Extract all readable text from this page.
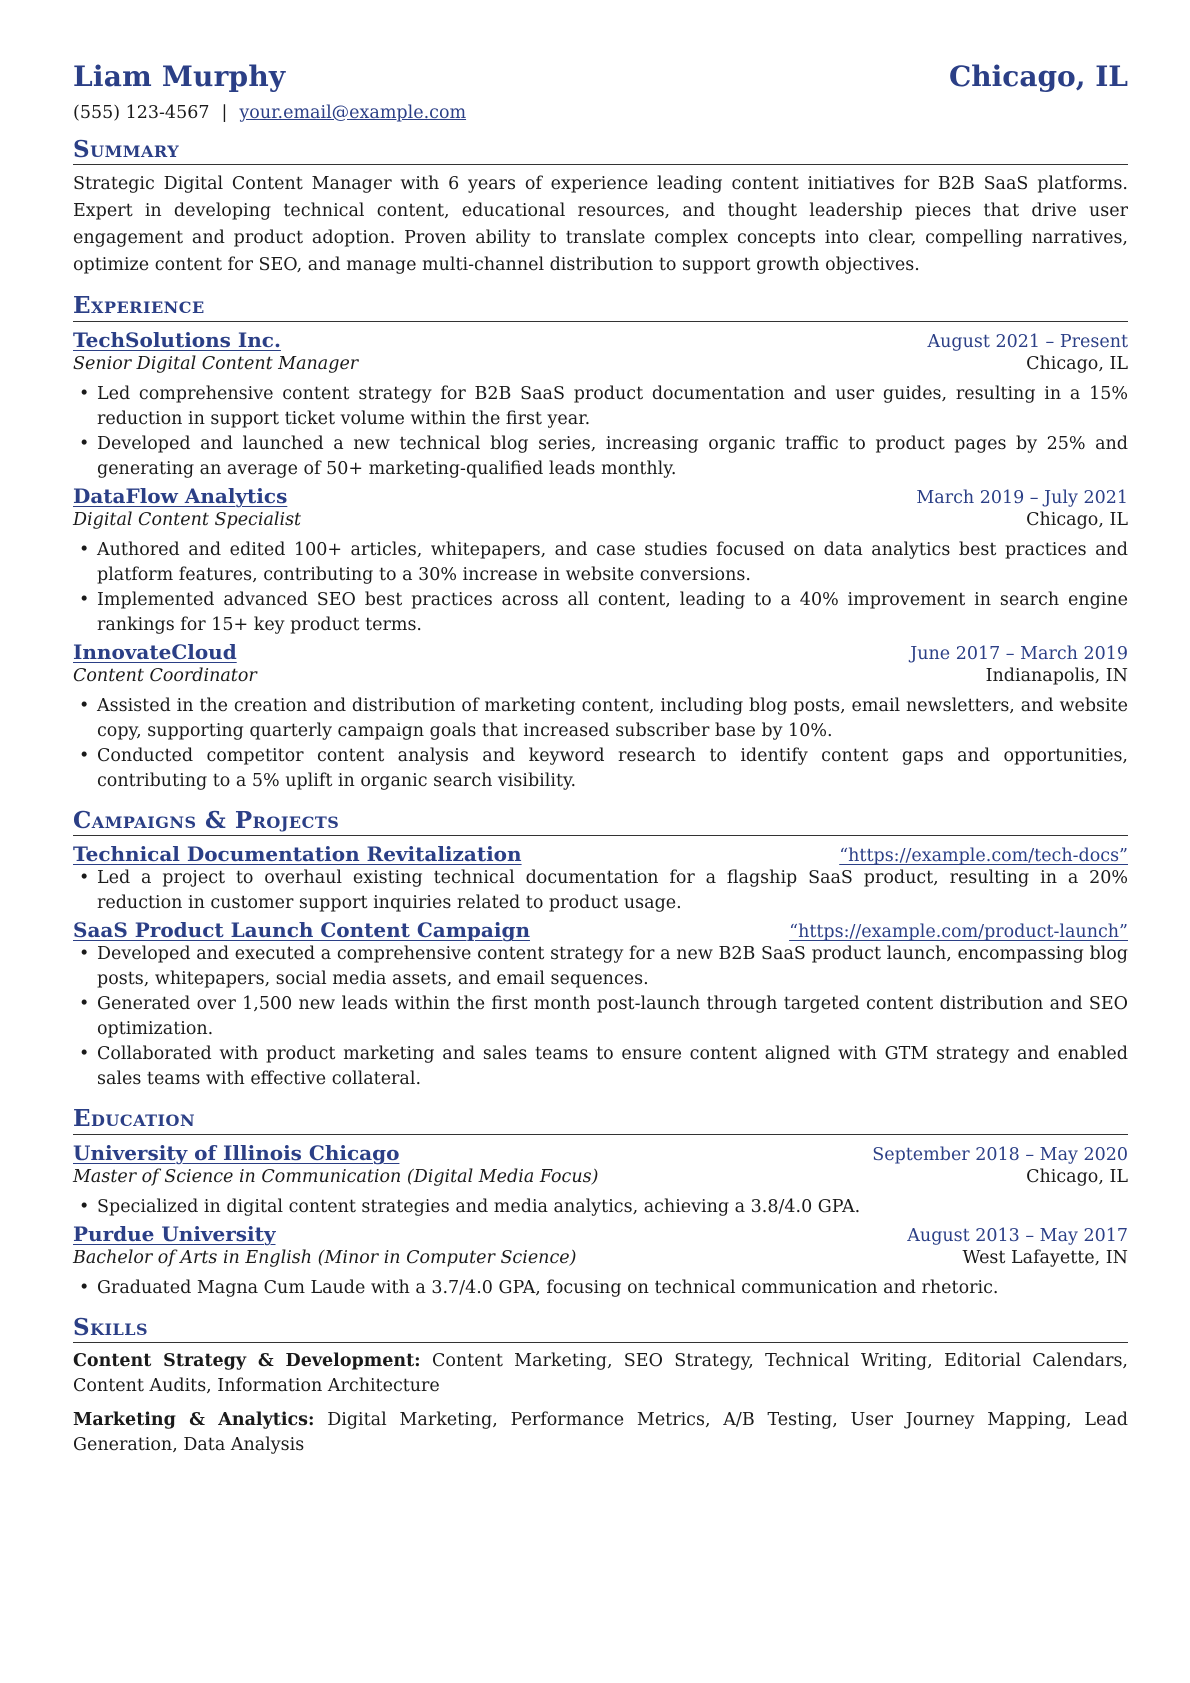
Liam Murphy	Chicago, IL
(555) 123-4567 | your.email@example.com
Summary

Strategic Digital Content Manager with 6 years of experience leading content initiatives for B2B SaaS platforms. Expert in developing technical content, educational resources, and thought leadership pieces that drive user engagement and product adoption. Proven ability to translate complex concepts into clear, compelling narratives, optimize content for SEO, and manage multi-channel distribution to support growth objectives.

Experience
TechSolutions Inc.	August 2021 – Present
Senior Digital Content Manager	Chicago, IL
• Led comprehensive content strategy for B2B SaaS product documentation and user guides, resulting in a 15% reduction in support ticket volume within the first year.
• Developed and launched a new technical blog series, increasing organic traffic to product pages by 25% and generating an average of 50+ marketing-qualified leads monthly.
DataFlow Analytics	March 2019 – July 2021
Digital Content Specialist	Chicago, IL
• Authored and edited 100+ articles, whitepapers, and case studies focused on data analytics best practices and platform features, contributing to a 30% increase in website conversions.
• Implemented advanced SEO best practices across all content, leading to a 40% improvement in search engine rankings for 15+ key product terms.
InnovateCloud	June 2017 – March 2019
Content Coordinator	Indianapolis, IN
• Assisted in the creation and distribution of marketing content, including blog posts, email newsletters, and website copy, supporting quarterly campaign goals that increased subscriber base by 10%.
• Conducted competitor content analysis and keyword research to identify content gaps and opportunities, contributing to a 5% uplift in organic search visibility.
Campaigns & Projects
Technical Documentation Revitalization	“https://example.com/tech-docs”
• Led a project to overhaul existing technical documentation for a flagship SaaS product, resulting in a 20% reduction in customer support inquiries related to product usage.
SaaS Product Launch Content Campaign	“https://example.com/product-launch”
• Developed and executed a comprehensive content strategy for a new B2B SaaS product launch, encompassing blog posts, whitepapers, social media assets, and email sequences.
• Generated over 1,500 new leads within the first month post-launch through targeted content distribution and SEO optimization.
• Collaborated with product marketing and sales teams to ensure content aligned with GTM strategy and enabled sales teams with effective collateral.
Education
University of Illinois Chicago	September 2018 – May 2020
Master of Science in Communication (Digital Media Focus)	Chicago, IL
• Specialized in digital content strategies and media analytics, achieving a 3.8/4.0 GPA.
Purdue University	August 2013 – May 2017
Bachelor of Arts in English (Minor in Computer Science)	West Lafayette, IN
• Graduated Magna Cum Laude with a 3.7/4.0 GPA, focusing on technical communication and rhetoric.
Skills
Content Strategy & Development: Content Marketing, SEO Strategy, Technical Writing, Editorial Calendars, Content Audits, Information Architecture
Marketing & Analytics: Digital Marketing, Performance Metrics, A/B Testing, User Journey Mapping, Lead Generation, Data Analysis
